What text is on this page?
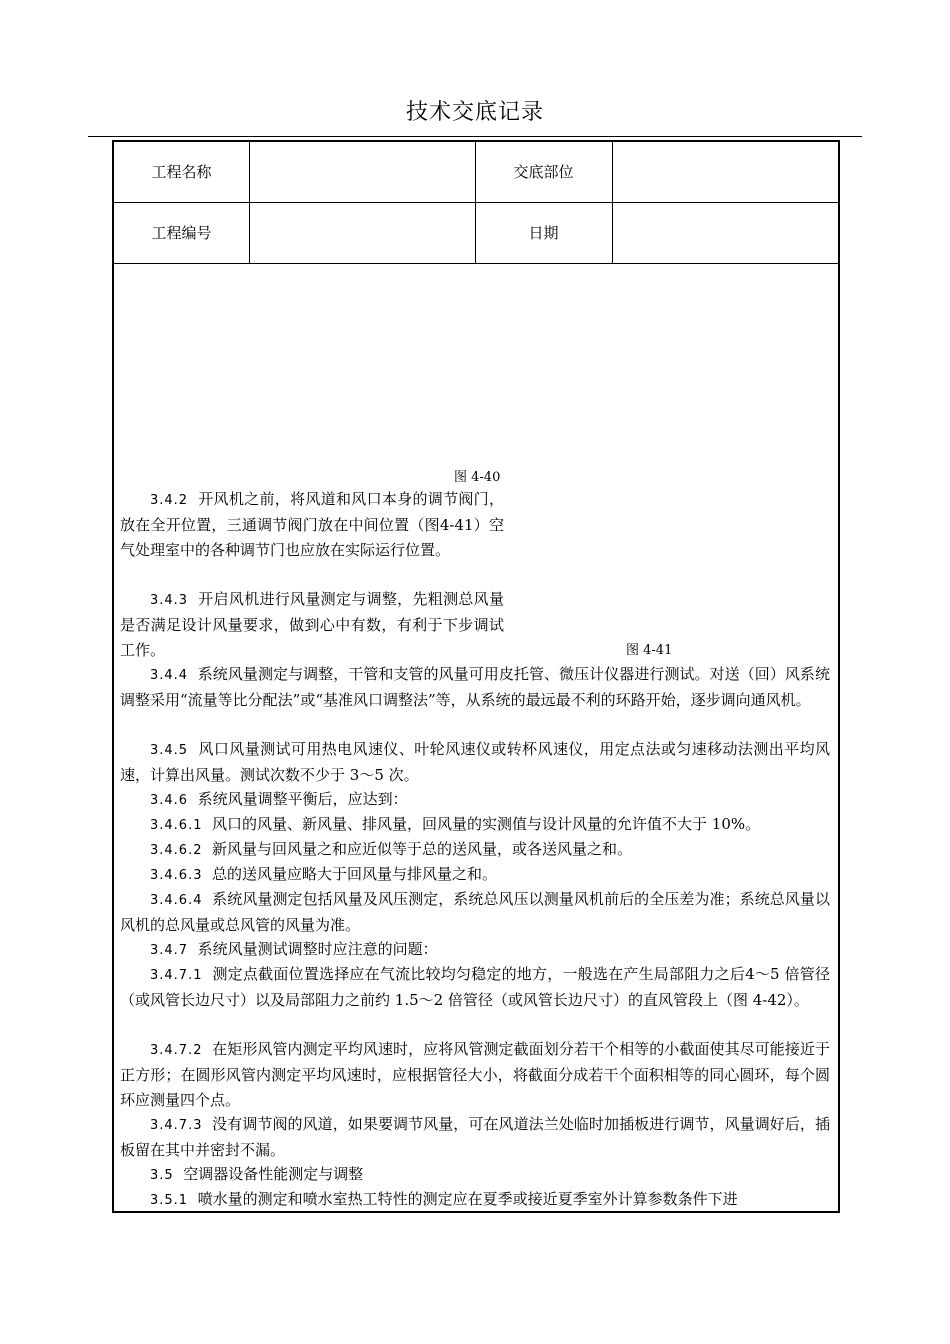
技术交底记录
工程名称	交底部位
工程编号	日期
图 4-40
图 4-41
3.4.2 开风机之前，将风道和风口本身的调节阀门，放在全开位置，三通调节阀门放在中间位置（图4-41）空气处理室中的各种调节门也应放在实际运行位置。
3.4.3 开启风机进行风量测定与调整，先粗测总风量是否满足设计风量要求，做到心中有数，有利于下步调试工作。
3.4.4 系统风量测定与调整，干管和支管的风量可用皮托管、微压计仪器进行测试。对送（回）风系统调整采用“流量等比分配法”或“基准风口调整法”等，从系统的最远最不利的环路开始，逐步调向通风机。
3.4.5 风口风量测试可用热电风速仪、叶轮风速仪或转杯风速仪，用定点法或匀速移动法测出平均风速，计算出风量。测试次数不少于 3～5 次。
3.4.6 系统风量调整平衡后，应达到：
3.4.6.1 风口的风量、新风量、排风量，回风量的实测值与设计风量的允许值不大于 10%。
3.4.6.2 新风量与回风量之和应近似等于总的送风量，或各送风量之和。
3.4.6.3 总的送风量应略大于回风量与排风量之和。
3.4.6.4 系统风量测定包括风量及风压测定，系统总风压以测量风机前后的全压差为准；系统总风量以风机的总风量或总风管的风量为准。
3.4.7 系统风量测试调整时应注意的问题：
3.4.7.1 测定点截面位置选择应在气流比较均匀稳定的地方，一般选在产生局部阻力之后4～5 倍管径（或风管长边尺寸）以及局部阻力之前约 1.5～2 倍管径（或风管长边尺寸）的直风管段上（图 4-42）。
3.4.7.2 在矩形风管内测定平均风速时，应将风管测定截面划分若干个相等的小截面使其尽可能接近于正方形；在圆形风管内测定平均风速时，应根据管径大小，将截面分成若干个面积相等的同心圆环，每个圆环应测量四个点。
3.4.7.3 没有调节阀的风道，如果要调节风量，可在风道法兰处临时加插板进行调节，风量调好后，插板留在其中并密封不漏。
3.5 空调器设备性能测定与调整
3.5.1 喷水量的测定和喷水室热工特性的测定应在夏季或接近夏季室外计算参数条件下进
